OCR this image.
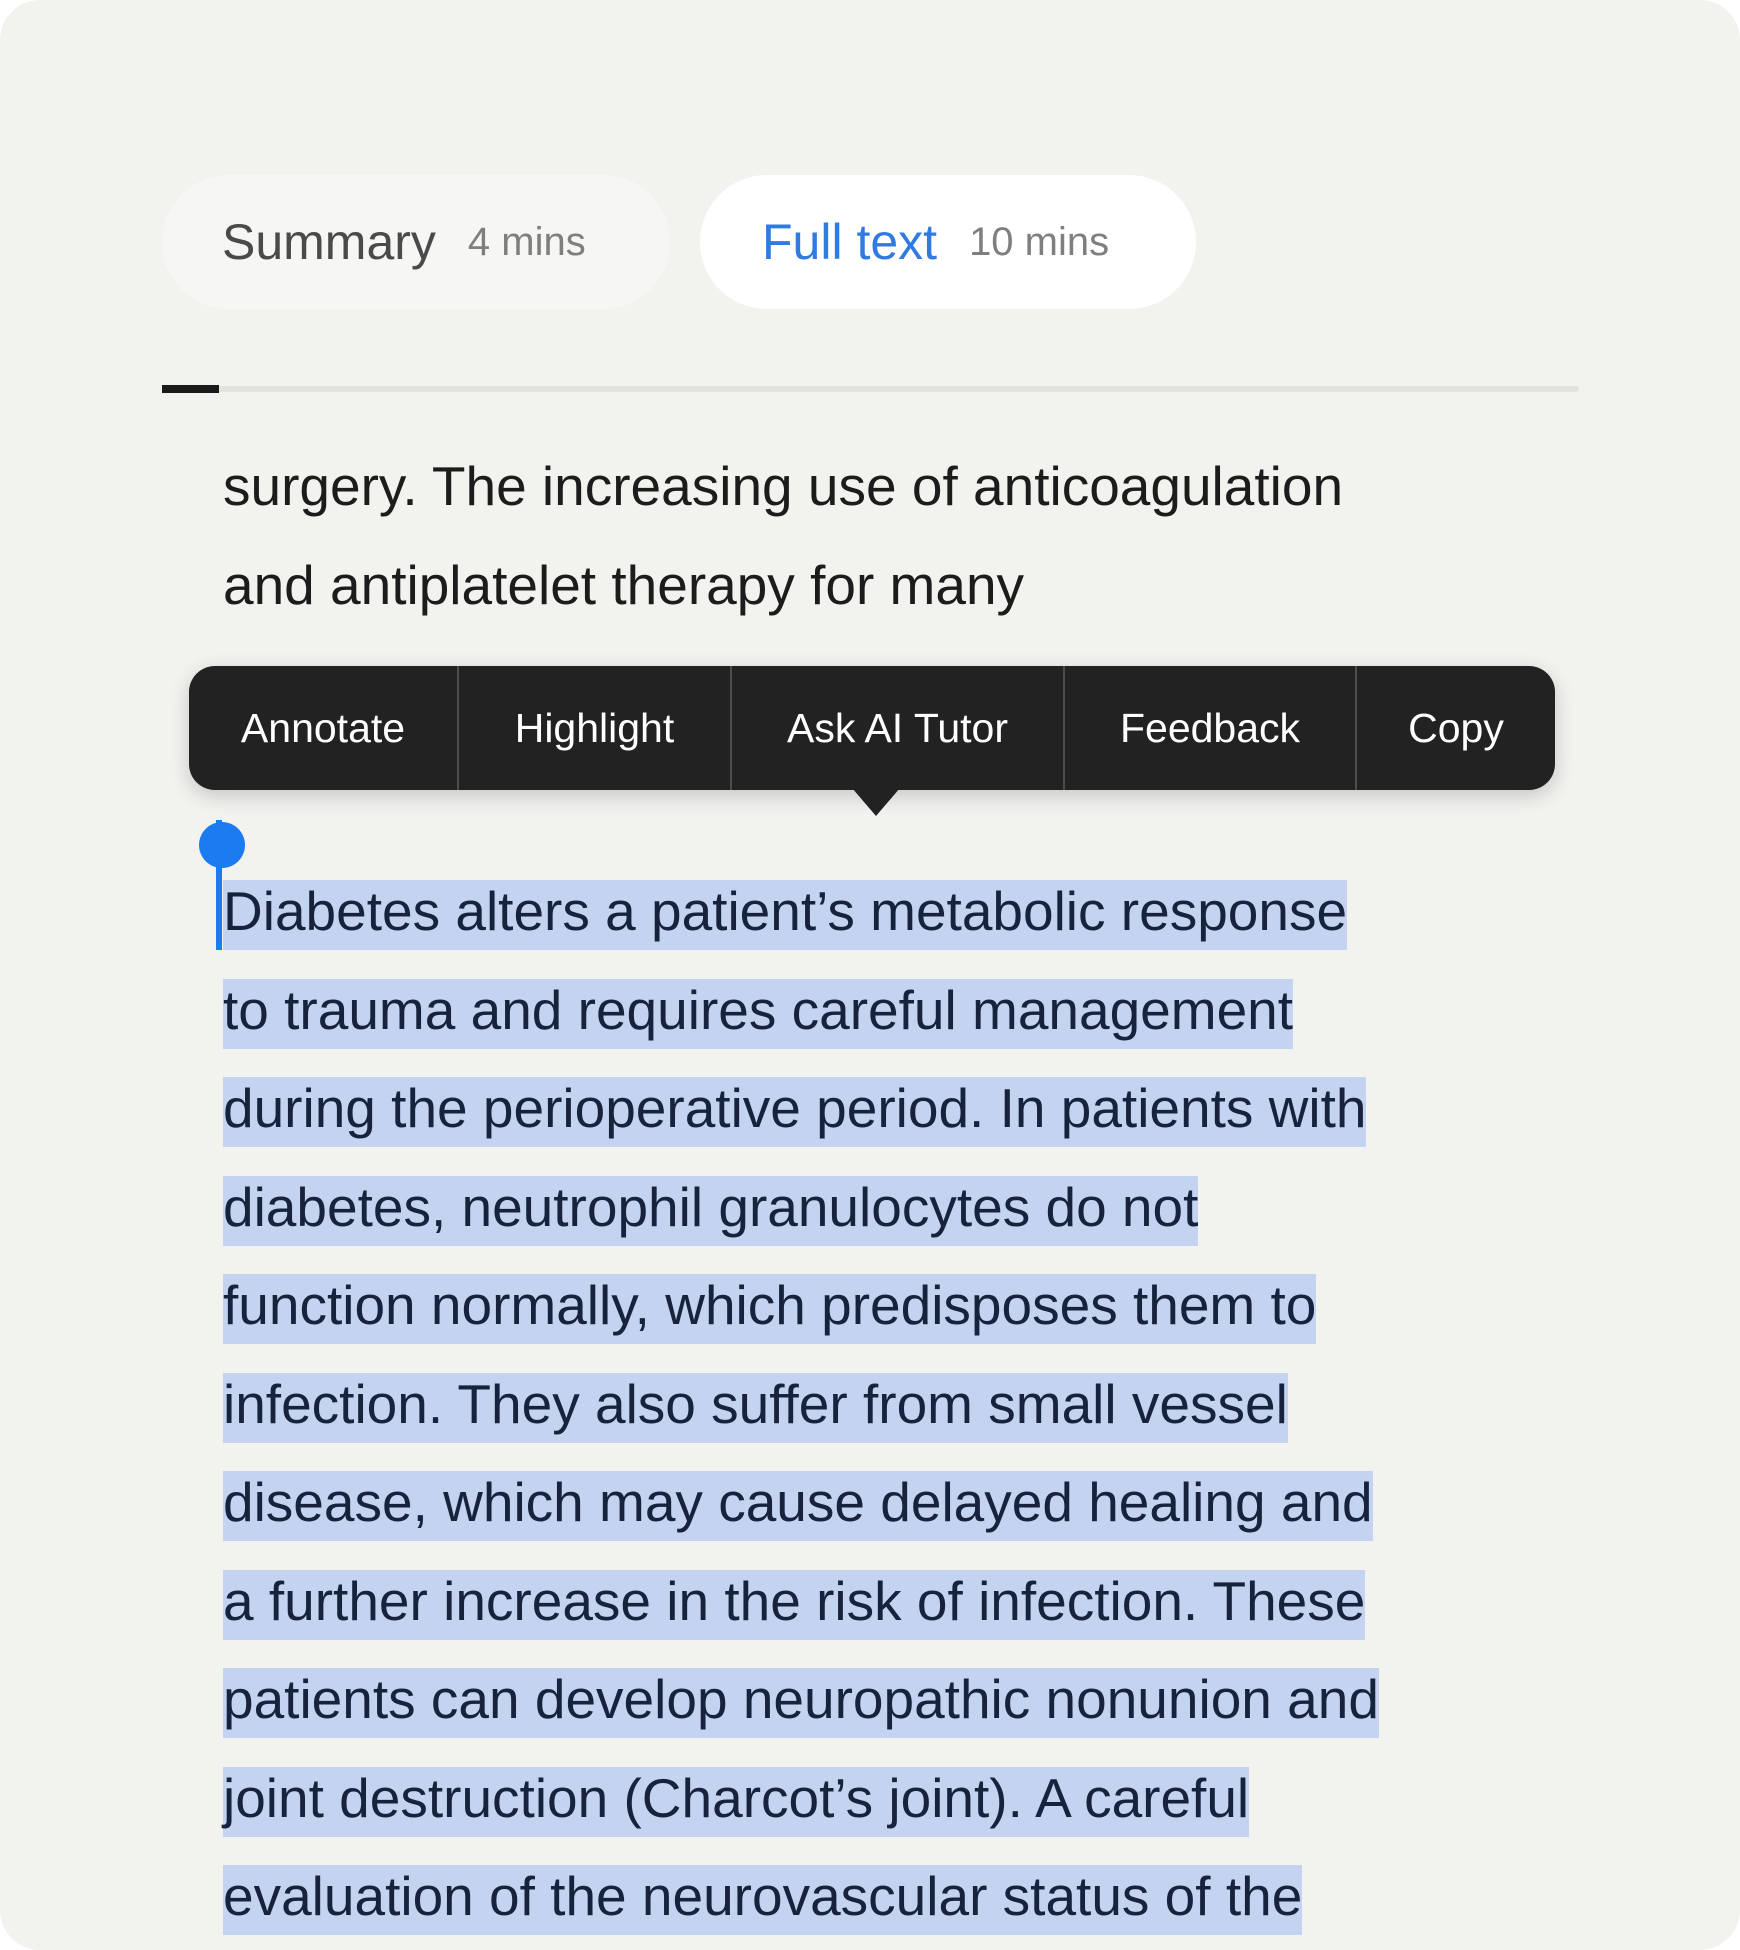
Summary 4 mins	Full text 10 mins
surgery. The increasing use of anticoagulation
and antiplatelet therapy for many
Diabetes alters a patient’s metabolic response
to trauma and requires careful management
during the perioperative period. In patients with
diabetes, neutrophil granulocytes do not
function normally, which predisposes them to
infection. They also suffer from small vessel
disease, which may cause delayed healing and
a further increase in the risk of infection. These
patients can develop neuropathic nonunion and
joint destruction (Charcot’s joint). A careful
evaluation of the neurovascular status of the
Annotate	Highlight	Ask AI Tutor	Feedback	Copy
